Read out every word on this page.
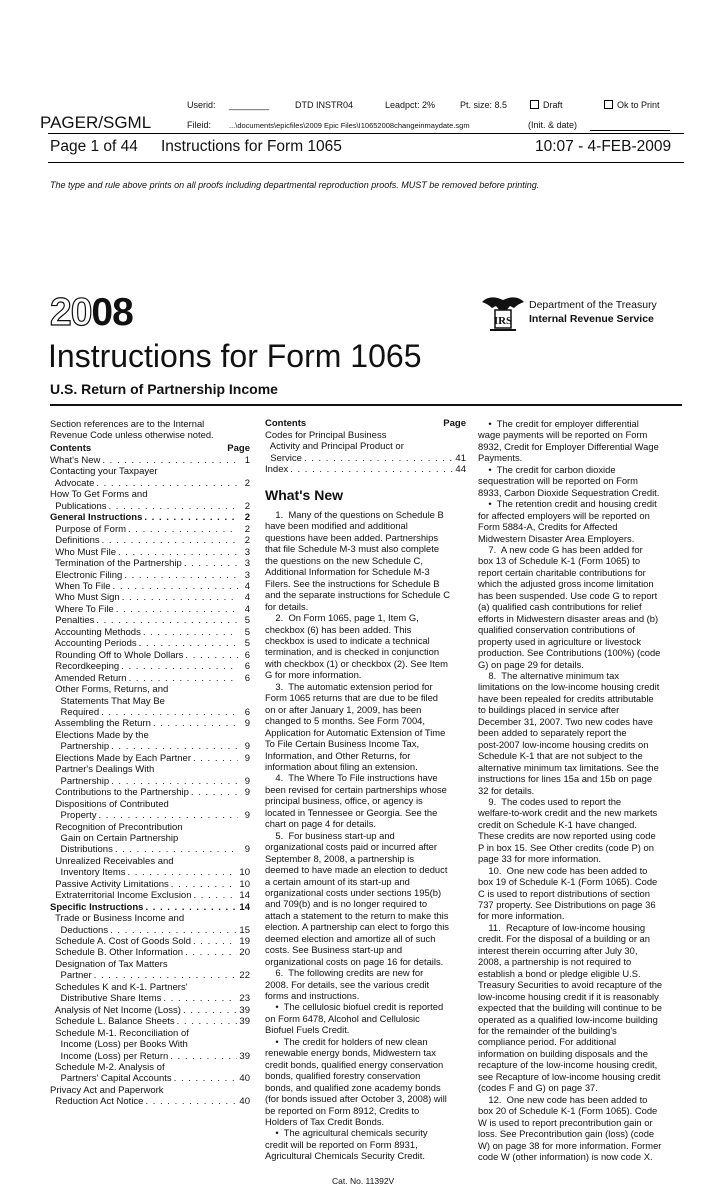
Userid: ________	DTD INSTR04	Leadpct: 2%	Pt. size: 8.5	Draft	Ok to Print
PAGER/SGML	Fileid: ...\documents\epicfiles\2009 Epic Files\I10652008changeinmaydate.sgm	(Init. & date)
Page 1 of 44 Instructions for Form 1065	10:07 - 4-FEB-2009
The type and rule above prints on all proofs including departmental reproduction proofs. MUST be removed before printing.
2008	IRS
Department of the Treasury
Internal Revenue Service
Instructions for Form 1065
U.S. Return of Partnership Income
Section references are to the Internal
Revenue Code unless otherwise noted.
Contents	Page
What's New . . .	1
Contacting your Taxpayer
Advocate . . .	2
How To Get Forms and
Publications . . .	2
General Instructions . . .	2
Purpose of Form . . .	2
Definitions . . .	2
Who Must File . . .	3
Termination of the Partnership . . .	3
Electronic Filing . . .	3
When To File . . .	4
Who Must Sign . . .	4
Where To File . . .	4
Penalties . . .	5
Accounting Methods . . .	5
Accounting Periods . . .	5
Rounding Off to Whole Dollars . . .	6
Recordkeeping . . .	6
Amended Return . . .	6
Other Forms, Returns, and
Statements That May Be
Required . . .	6
Assembling the Return . . .	9
Elections Made by the
Partnership . . .	9
Elections Made by Each Partner . . .	9
Partner's Dealings With
Partnership . . .	9
Contributions to the Partnership . . .	9
Dispositions of Contributed
Property . . .	9
Recognition of Precontribution
Gain on Certain Partnership
Distributions . . .	9
Unrealized Receivables and
Inventory Items . . .	10
Passive Activity Limitations . . .	10
Extraterritorial Income Exclusion . . .	14
Specific Instructions . . .	14
Trade or Business Income and
Deductions . . .	15
Schedule A. Cost of Goods Sold . . .	19
Schedule B. Other Information . . .	20
Designation of Tax Matters
Partner . . .	22
Schedules K and K-1. Partners'
Distributive Share Items . . .	23
Analysis of Net Income (Loss) . . .	39
Schedule L. Balance Sheets . . .	39
Schedule M-1. Reconciliation of
Income (Loss) per Books With
Income (Loss) per Return . . .	39
Schedule M-2. Analysis of
Partners' Capital Accounts . . .	40
Privacy Act and Paperwork
Reduction Act Notice . . .	40
Contents	Page
Codes for Principal Business
Activity and Principal Product or
Service . . .	41
Index . . .	44
What's New
1.  Many of the questions on Schedule B
have been modified and additional
questions have been added. Partnerships
that file Schedule M-3 must also complete
the questions on the new Schedule C,
Additional Information for Schedule M-3
Filers. See the instructions for Schedule B
and the separate instructions for Schedule C
for details.
2.  On Form 1065, page 1, Item G,
checkbox (6) has been added. This
checkbox is used to indicate a technical
termination, and is checked in conjunction
with checkbox (1) or checkbox (2). See Item
G for more information.
3.  The automatic extension period for
Form 1065 returns that are due to be filed
on or after January 1, 2009, has been
changed to 5 months. See Form 7004,
Application for Automatic Extension of Time
To File Certain Business Income Tax,
Information, and Other Returns, for
information about filing an extension.
4.  The Where To File instructions have
been revised for certain partnerships whose
principal business, office, or agency is
located in Tennessee or Georgia. See the
chart on page 4 for details.
5.  For business start-up and
organizational costs paid or incurred after
September 8, 2008, a partnership is
deemed to have made an election to deduct
a certain amount of its start-up and
organizational costs under sections 195(b)
and 709(b) and is no longer required to
attach a statement to the return to make this
election. A partnership can elect to forgo this
deemed election and amortize all of such
costs. See Business start-up and
organizational costs on page 16 for details.
6.  The following credits are new for
2008. For details, see the various credit
forms and instructions.
•  The cellulosic biofuel credit is reported
on Form 6478, Alcohol and Cellulosic
Biofuel Fuels Credit.
•  The credit for holders of new clean
renewable energy bonds, Midwestern tax
credit bonds, qualified energy conservation
bonds, qualified forestry conservation
bonds, and qualified zone academy bonds
(for bonds issued after October 3, 2008) will
be reported on Form 8912, Credits to
Holders of Tax Credit Bonds.
•  The agricultural chemicals security
credit will be reported on Form 8931,
Agricultural Chemicals Security Credit.
•  The credit for employer differential
wage payments will be reported on Form
8932, Credit for Employer Differential Wage
Payments.
•  The credit for carbon dioxide
sequestration will be reported on Form
8933, Carbon Dioxide Sequestration Credit.
•  The retention credit and housing credit
for affected employers will be reported on
Form 5884-A, Credits for Affected
Midwestern Disaster Area Employers.
7.  A new code G has been added for
box 13 of Schedule K-1 (Form 1065) to
report certain charitable contributions for
which the adjusted gross income limitation
has been suspended. Use code G to report
(a) qualified cash contributions for relief
efforts in Midwestern disaster areas and (b)
qualified conservation contributions of
property used in agriculture or livestock
production. See Contributions (100%) (code
G) on page 29 for details.
8.  The alternative minimum tax
limitations on the low-income housing credit
have been repealed for credits attributable
to buildings placed in service after
December 31, 2007. Two new codes have
been added to separately report the
post-2007 low-income housing credits on
Schedule K-1 that are not subject to the
alternative minimum tax limitations. See the
instructions for lines 15a and 15b on page
32 for details.
9.  The codes used to report the
welfare-to-work credit and the new markets
credit on Schedule K-1 have changed.
These credits are now reported using code
P in box 15. See Other credits (code P) on
page 33 for more information.
10.  One new code has been added to
box 19 of Schedule K-1 (Form 1065). Code
C is used to report distributions of section
737 property. See Distributions on page 36
for more information.
11.  Recapture of low-income housing
credit. For the disposal of a building or an
interest therein occurring after July 30,
2008, a partnership is not required to
establish a bond or pledge eligible U.S.
Treasury Securities to avoid recapture of the
low-income housing credit if it is reasonably
expected that the building will continue to be
operated as a qualified low-income building
for the remainder of the building's
compliance period. For additional
information on building disposals and the
recapture of the low-income housing credit,
see Recapture of low-income housing credit
(codes F and G) on page 37.
12.  One new code has been added to
box 20 of Schedule K-1 (Form 1065). Code
W is used to report precontribution gain or
loss. See Precontribution gain (loss) (code
W) on page 38 for more information. Former
code W (other information) is now code X.
Cat. No. 11392V
